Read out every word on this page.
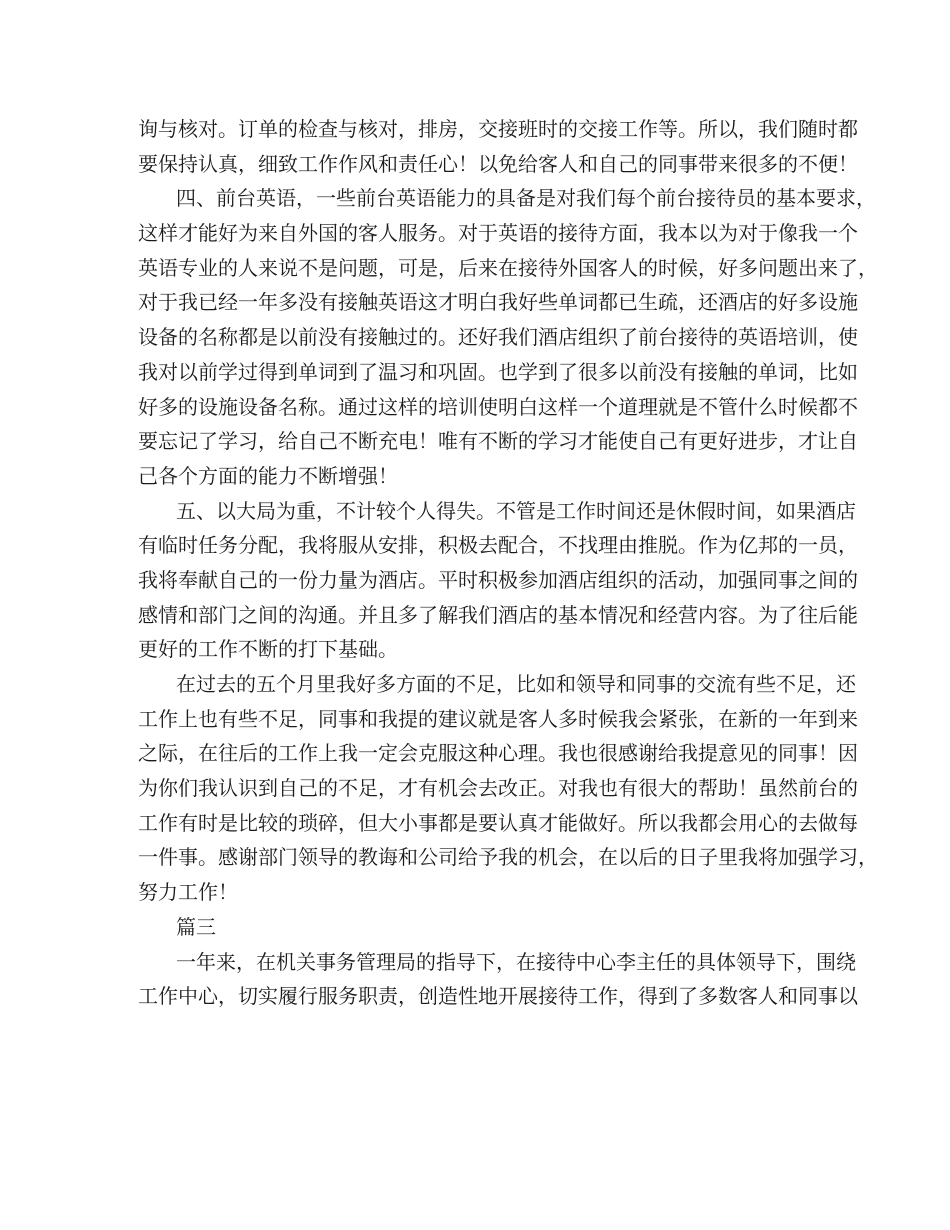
询与核对。订单的检查与核对，排房，交接班时的交接工作等。所以，我们随时都
要保持认真，细致工作作风和责任心！以免给客人和自己的同事带来很多的不便！
四、前台英语，一些前台英语能力的具备是对我们每个前台接待员的基本要求，
这样才能好为来自外国的客人服务。对于英语的接待方面，我本以为对于像我一个
英语专业的人来说不是问题，可是，后来在接待外国客人的时候，好多问题出来了，
对于我已经一年多没有接触英语这才明白我好些单词都已生疏，还酒店的好多设施
设备的名称都是以前没有接触过的。还好我们酒店组织了前台接待的英语培训，使
我对以前学过得到单词到了温习和巩固。也学到了很多以前没有接触的单词，比如
好多的设施设备名称。通过这样的培训使明白这样一个道理就是不管什么时候都不
要忘记了学习，给自己不断充电！唯有不断的学习才能使自己有更好进步，才让自
己各个方面的能力不断增强！
五、以大局为重，不计较个人得失。不管是工作时间还是休假时间，如果酒店
有临时任务分配，我将服从安排，积极去配合，不找理由推脱。作为亿邦的一员，
我将奉献自己的一份力量为酒店。平时积极参加酒店组织的活动，加强同事之间的
感情和部门之间的沟通。并且多了解我们酒店的基本情况和经营内容。为了往后能
更好的工作不断的打下基础。
在过去的五个月里我好多方面的不足，比如和领导和同事的交流有些不足，还
工作上也有些不足，同事和我提的建议就是客人多时候我会紧张，在新的一年到来
之际，在往后的工作上我一定会克服这种心理。我也很感谢给我提意见的同事！因
为你们我认识到自己的不足，才有机会去改正。对我也有很大的帮助！虽然前台的
工作有时是比较的琐碎，但大小事都是要认真才能做好。所以我都会用心的去做每
一件事。感谢部门领导的教诲和公司给予我的机会，在以后的日子里我将加强学习，
努力工作！
篇三
一年来，在机关事务管理局的指导下，在接待中心李主任的具体领导下，围绕
工作中心，切实履行服务职责，创造性地开展接待工作，得到了多数客人和同事以
